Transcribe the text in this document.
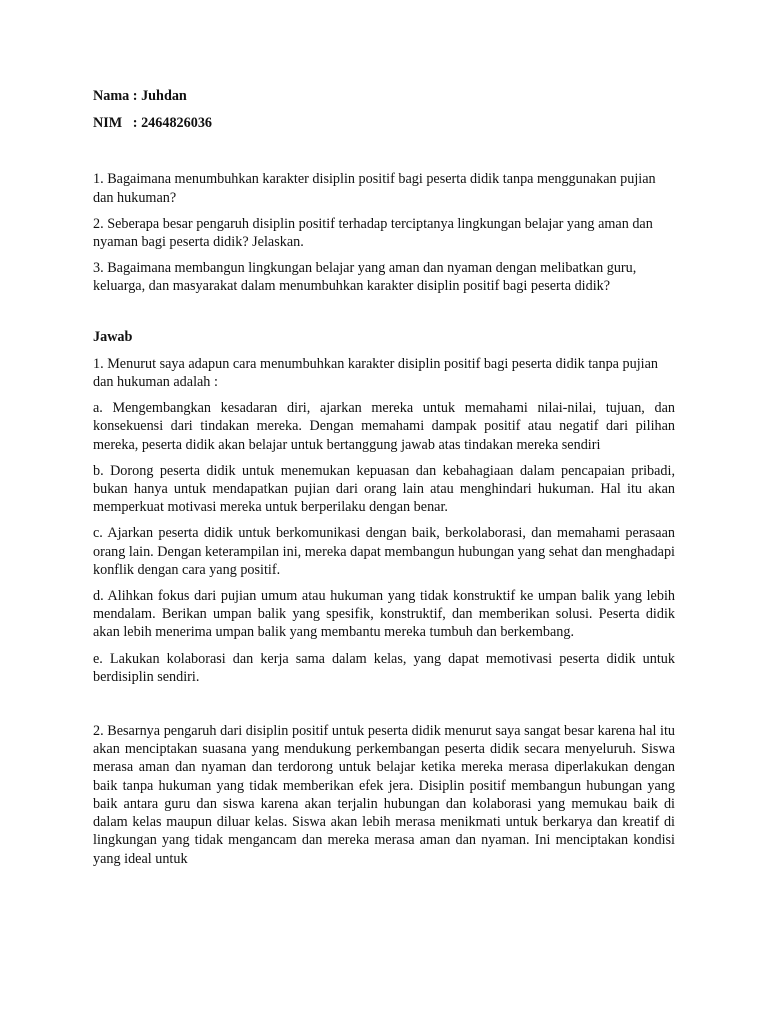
Nama : Juhdan
NIM   : 2464826036
1. Bagaimana menumbuhkan karakter disiplin positif bagi peserta didik tanpa menggunakan pujian dan hukuman?
2. Seberapa besar pengaruh disiplin positif terhadap terciptanya lingkungan belajar yang aman dan nyaman bagi peserta didik? Jelaskan.
3. Bagaimana membangun lingkungan belajar yang aman dan nyaman dengan melibatkan guru, keluarga, dan masyarakat dalam menumbuhkan karakter disiplin positif bagi peserta didik?
Jawab
1. Menurut saya adapun cara menumbuhkan karakter disiplin positif bagi peserta didik tanpa pujian dan hukuman adalah :
a. Mengembangkan kesadaran diri, ajarkan mereka untuk memahami nilai-nilai, tujuan, dan konsekuensi dari tindakan mereka. Dengan memahami dampak positif atau negatif dari pilihan mereka, peserta didik akan belajar untuk bertanggung jawab atas tindakan mereka sendiri
b. Dorong peserta didik untuk menemukan kepuasan dan kebahagiaan dalam pencapaian pribadi, bukan hanya untuk mendapatkan pujian dari orang lain atau menghindari hukuman. Hal itu akan memperkuat motivasi mereka untuk berperilaku dengan benar.
c. Ajarkan peserta didik untuk berkomunikasi dengan baik, berkolaborasi, dan memahami perasaan orang lain. Dengan keterampilan ini, mereka dapat membangun hubungan yang sehat dan menghadapi konflik dengan cara yang positif.
d. Alihkan fokus dari pujian umum atau hukuman yang tidak konstruktif ke umpan balik yang lebih mendalam. Berikan umpan balik yang spesifik, konstruktif, dan memberikan solusi. Peserta didik akan lebih menerima umpan balik yang membantu mereka tumbuh dan berkembang.
e. Lakukan kolaborasi dan kerja sama dalam kelas, yang dapat memotivasi peserta didik untuk berdisiplin sendiri.
2. Besarnya pengaruh dari disiplin positif untuk peserta didik menurut saya sangat besar karena hal itu akan menciptakan suasana yang mendukung perkembangan peserta didik secara menyeluruh. Siswa merasa aman dan nyaman dan terdorong untuk belajar ketika mereka merasa diperlakukan dengan baik tanpa hukuman yang tidak memberikan efek jera. Disiplin positif membangun hubungan yang baik antara guru dan siswa karena akan terjalin hubungan dan kolaborasi yang memukau baik di dalam kelas maupun diluar kelas. Siswa akan lebih merasa menikmati untuk berkarya dan kreatif di lingkungan yang tidak mengancam dan mereka merasa aman dan nyaman. Ini menciptakan kondisi yang ideal untuk
